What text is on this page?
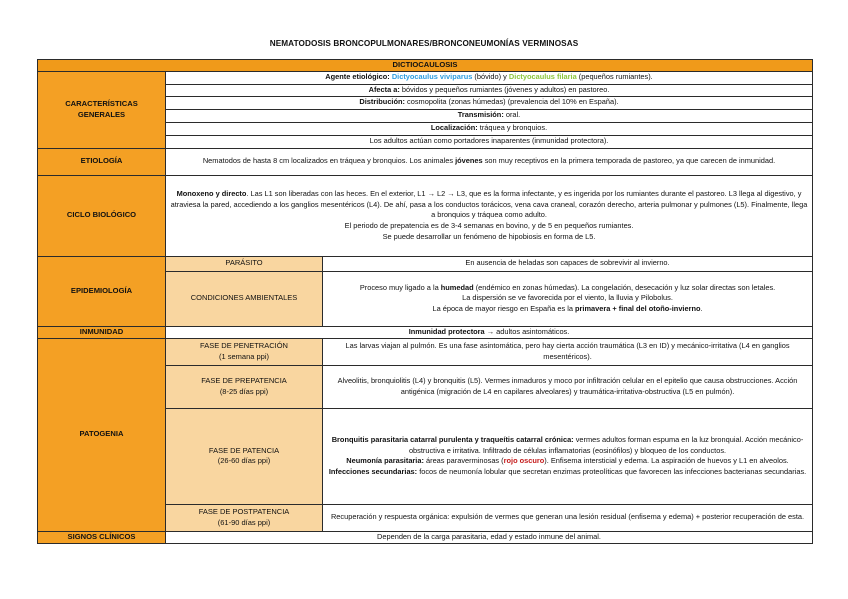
NEMATODOSIS BRONCOPULMONARES/BRONCONEUMONÍAS VERMINOSAS
DICTIOCAULOSIS		
CARACTERÍSTICAS GENERALES	Agente etiológico: Dictyocaulus viviparus (bóvido) y Dictyocaulus filaria (pequeños rumiantes).	
	Afecta a: bóvidos y pequeños rumiantes (jóvenes y adultos) en pastoreo.	
	Distribución: cosmopolita (zonas húmedas) (prevalencia del 10% en España).	
	Transmisión: oral.	
	Localización: tráquea y bronquios.	
	Los adultos actúan como portadores inaparentes (inmunidad protectora).	
ETIOLOGÍA	Nematodos de hasta 8 cm localizados en tráquea y bronquios. Los animales jóvenes son muy receptivos en la primera temporada de pastoreo, ya que carecen de inmunidad.	
CICLO BIOLÓGICO	Monoxeno y directo. Las L1 son liberadas con las heces. En el exterior, L1 → L2 → L3, que es la forma infectante, y es ingerida por los rumiantes durante el pastoreo. L3 llega al digestivo, y atraviesa la pared, accediendo a los ganglios mesentéricos (L4). De ahí, pasa a los conductos torácicos, vena cava craneal, corazón derecho, arteria pulmonar y pulmones (L5). Finalmente, llega a bronquios y tráquea como adulto.
El periodo de prepatencia es de 3-4 semanas en bovino, y de 5 en pequeños rumiantes.
Se puede desarrollar un fenómeno de hipobiosis en forma de L5.	

EPIDEMIOLOGÍA	PARÁSITO	En ausencia de heladas son capaces de sobrevivir al invierno.
	CONDICIONES AMBIENTALES	Proceso muy ligado a la humedad (endémico en zonas húmedas). La congelación, desecación y luz solar directas son letales.
La dispersión se ve favorecida por el viento, la lluvia y Pilobolus.
La época de mayor riesgo en España es la primavera + final del otoño-invierno.

INMUNIDAD	Inmunidad protectora → adultos asintomáticos.	
PATOGENIA	FASE DE PENETRACIÓN
(1 semana ppi)	Las larvas viajan al pulmón. Es una fase asintomática, pero hay cierta acción traumática (L3 en ID) y mecánico-irritativa (L4 en ganglios mesentéricos).

	FASE DE PREPATENCIA
(8-25 días ppi)	Alveolitis, bronquiolitis (L4) y bronquitis (L5). Vermes inmaduros y moco por infiltración celular en el epitelio que causa obstrucciones. Acción antigénica (migración de L4 en capilares alveolares) y traumática-irritativa-obstructiva (L5 en pulmón).

	FASE DE PATENCIA
(26-60 días ppi)	Bronquitis parasitaria catarral purulenta y traqueítis catarral crónica: vermes adultos forman espuma en la luz bronquial. Acción mecánico-obstructiva e irritativa. Infiltrado de células inflamatorias (eosinófilos) y bloqueo de los conductos.
Neumonía parasitaria: áreas paraverminosas (rojo oscuro). Enfisema intersticial y edema. La aspiración de huevos y L1 en alveolos.
Infecciones secundarias: focos de neumonía lobular que secretan enzimas proteolíticas que favorecen las infecciones bacterianas secundarias.

	FASE DE POSTPATENCIA
(61-90 días ppi)	Recuperación y respuesta orgánica: expulsión de vermes que generan una lesión residual (enfisema y edema) + posterior recuperación de esta.
SIGNOS CLÍNICOS	Dependen de la carga parasitaria, edad y estado inmune del animal.	
